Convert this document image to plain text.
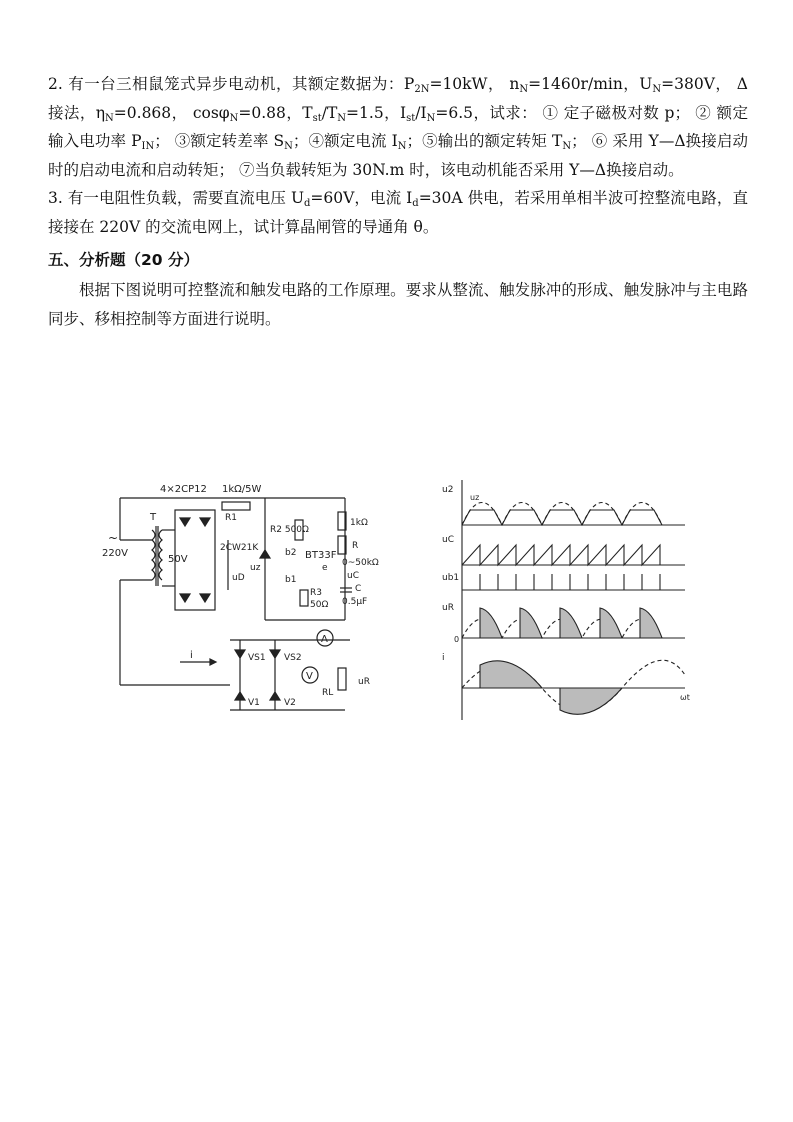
2. 有一台三相鼠笼式异步电动机，其额定数据为：$P_{2N}=10kW$， $n_N=1460r/\min$，$U_N=380V$， Δ接法，$\eta_N=0.868$， cosφ$_N$=0.88，$T_{st}/T_N=1.5$，$I_{st}/I_N=6.5$，试求： ① 定子磁极对数 p； ② 额定输入电功率 $P_{IN}$； ③额定转差率 $S_N$；④额定电流 $I_N$；⑤输出的额定转矩 $T_N$； ⑥ 采用 Y—Δ换接启动时的启动电流和启动转矩； ⑦当负载转矩为 30N.m 时，该电动机能否采用 Y—Δ换接启动。

3. 有一电阻性负载，需要直流电压 $U_d=60V$，电流 $I_d=30A$ 供电，若采用单相半波可控整流电路，直接接在 220V 的交流电网上，试计算晶闸管的导通角 θ。

五、分析题（20 分）

根据下图说明可控整流和触发电路的工作原理。要求从整流、触发脉冲的形成、触发脉冲与主电路同步、移相控制等方面进行说明。

220V
~
T
50V
4×2CP12 1kΩ/5W
R1
uD
2CW21K
uz
R2 500Ω
1kΩ
BT33F
b2
b1
e
R
0~50kΩ
uC
R3
50Ω
C
0.5μF
VS1 VS2
V1	V2
A
V
RL
uR
i
u2
uz
uC
ub1
uR
i
0
ωt
